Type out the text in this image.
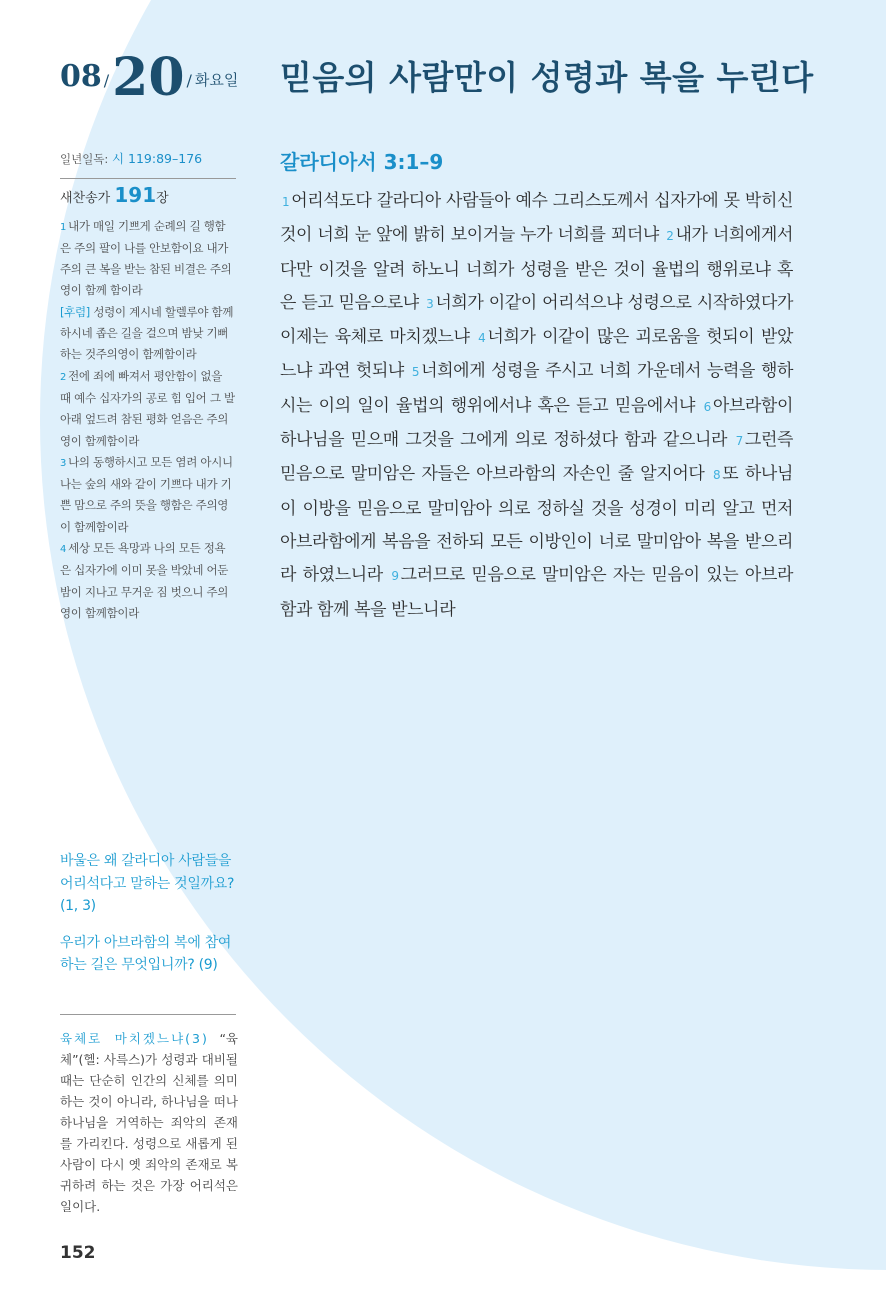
08 / 20 / 화요일 믿음의 사람만이 성령과 복을 누린다
일년일독: 시 119:89–176
새찬송가 191장
1 내가 매일 기쁘게 순례의 길 행함은 주의 팔이 나를 안보함이요 내가 주의 큰 복을 받는 참된 비결은 주의영이 함께 함이라
[후렴] 성령이 계시네 할렐루야 함께하시네 좁은 길을 걸으며 밤낮 기뻐하는 것주의영이 함께함이라
2 전에 죄에 빠져서 평안함이 없을 때 예수 십자가의 공로 힘 입어 그 발 아래 엎드려 참된 평화 얻음은 주의영이 함께함이라
3 나의 동행하시고 모든 염려 아시니 나는 숲의 새와 같이 기쁘다 내가 기쁜 맘으로 주의 뜻을 행함은 주의영이 함께함이라
4 세상 모든 욕망과 나의 모든 정욕은 십자가에 이미 못을 박았네 어둔 밤이 지나고 무거운 짐 벗으니 주의영이 함께함이라

바울은 왜 갈라디아 사람들을 어리석다고 말하는 것일까요? (1, 3)

우리가 아브라함의 복에 참여하는 길은 무엇입니까? (9)

육체로 마치겠느냐(3) “육체”(헬: 사륵스)가 성령과 대비될 때는 단순히 인간의 신체를 의미하는 것이 아니라, 하나님을 떠나 하나님을 거역하는 죄악의 존재를 가리킨다. 성령으로 새롭게 된 사람이 다시 옛 죄악의 존재로 복귀하려 하는 것은 가장 어리석은 일이다.
152
갈라디아서 3:1–9
1 어리석도다 갈라디아 사람들아 예수 그리스도께서 십자가에 못 박히신 것이 너희 눈 앞에 밝히 보이거늘 누가 너희를 꾀더냐 2 내가 너희에게서 다만 이것을 알려 하노니 너희가 성령을 받은 것이 율법의 행위로냐 혹은 듣고 믿음으로냐 3 너희가 이같이 어리석으냐 성령으로 시작하였다가 이제는 육체로 마치겠느냐 4 너희가 이같이 많은 괴로움을 헛되이 받았느냐 과연 헛되냐 5 너희에게 성령을 주시고 너희 가운데서 능력을 행하시는 이의 일이 율법의 행위에서냐 혹은 듣고 믿음에서냐 6 아브라함이 하나님을 믿으매 그것을 그에게 의로 정하셨다 함과 같으니라 7 그런즉 믿음으로 말미암은 자들은 아브라함의 자손인 줄 알지어다 8 또 하나님이 이방을 믿음으로 말미암아 의로 정하실 것을 성경이 미리 알고 먼저 아브라함에게 복음을 전하되 모든 이방인이 너로 말미암아 복을 받으리라 하였느니라 9 그러므로 믿음으로 말미암은 자는 믿음이 있는 아브라함과 함께 복을 받느니라
